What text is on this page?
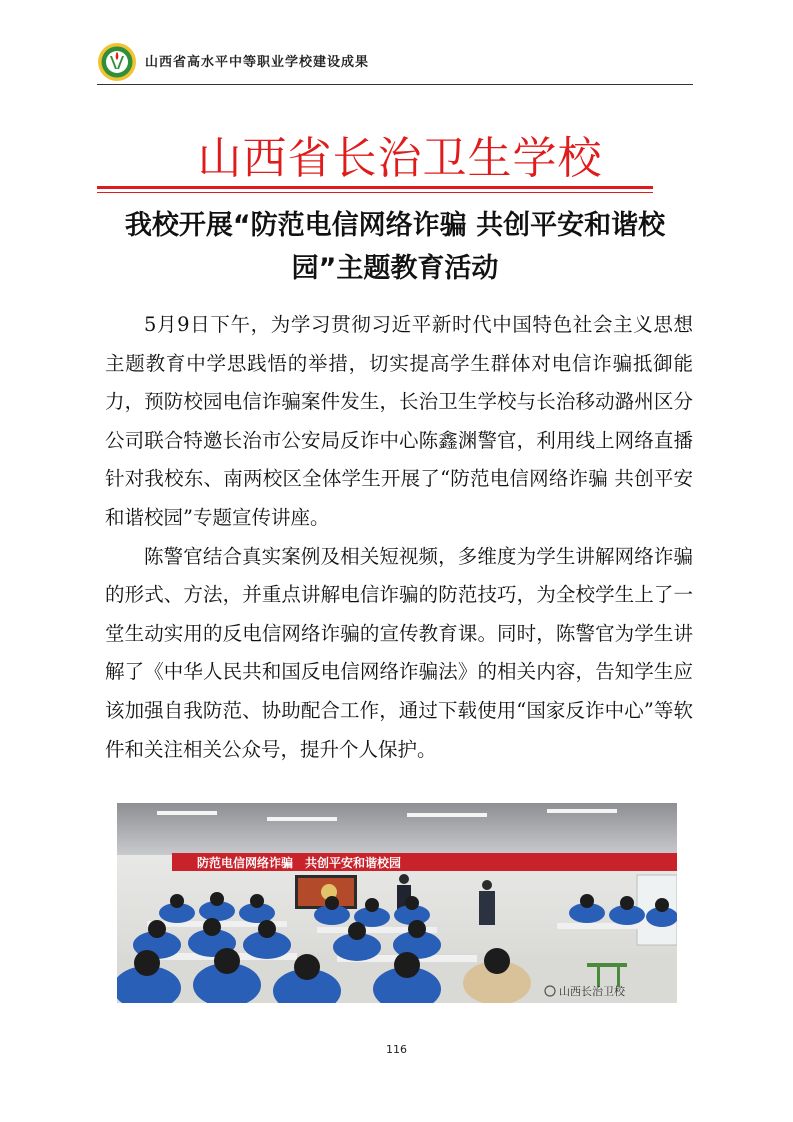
山西省高水平中等职业学校建设成果
山西省长治卫生学校
我校开展“防范电信网络诈骗 共创平安和谐校园”主题教育活动

5月9日下午，为学习贯彻习近平新时代中国特色社会主义思想主题教育中学思践悟的举措，切实提高学生群体对电信诈骗抵御能力，预防校园电信诈骗案件发生，长治卫生学校与长治移动潞州区分公司联合特邀长治市公安局反诈中心陈鑫渊警官，利用线上网络直播针对我校东、南两校区全体学生开展了“防范电信网络诈骗 共创平安和谐校园”专题宣传讲座。

陈警官结合真实案例及相关短视频，多维度为学生讲解网络诈骗的形式、方法，并重点讲解电信诈骗的防范技巧，为全校学生上了一堂生动实用的反电信网络诈骗的宣传教育课。同时，陈警官为学生讲解了《中华人民共和国反电信网络诈骗法》的相关内容，告知学生应该加强自我防范、协助配合工作，通过下载使用“国家反诈中心”等软件和关注相关公众号，提升个人保护。

防范电信网络诈骗　共创平安和谐校园
山西长治卫校
116
